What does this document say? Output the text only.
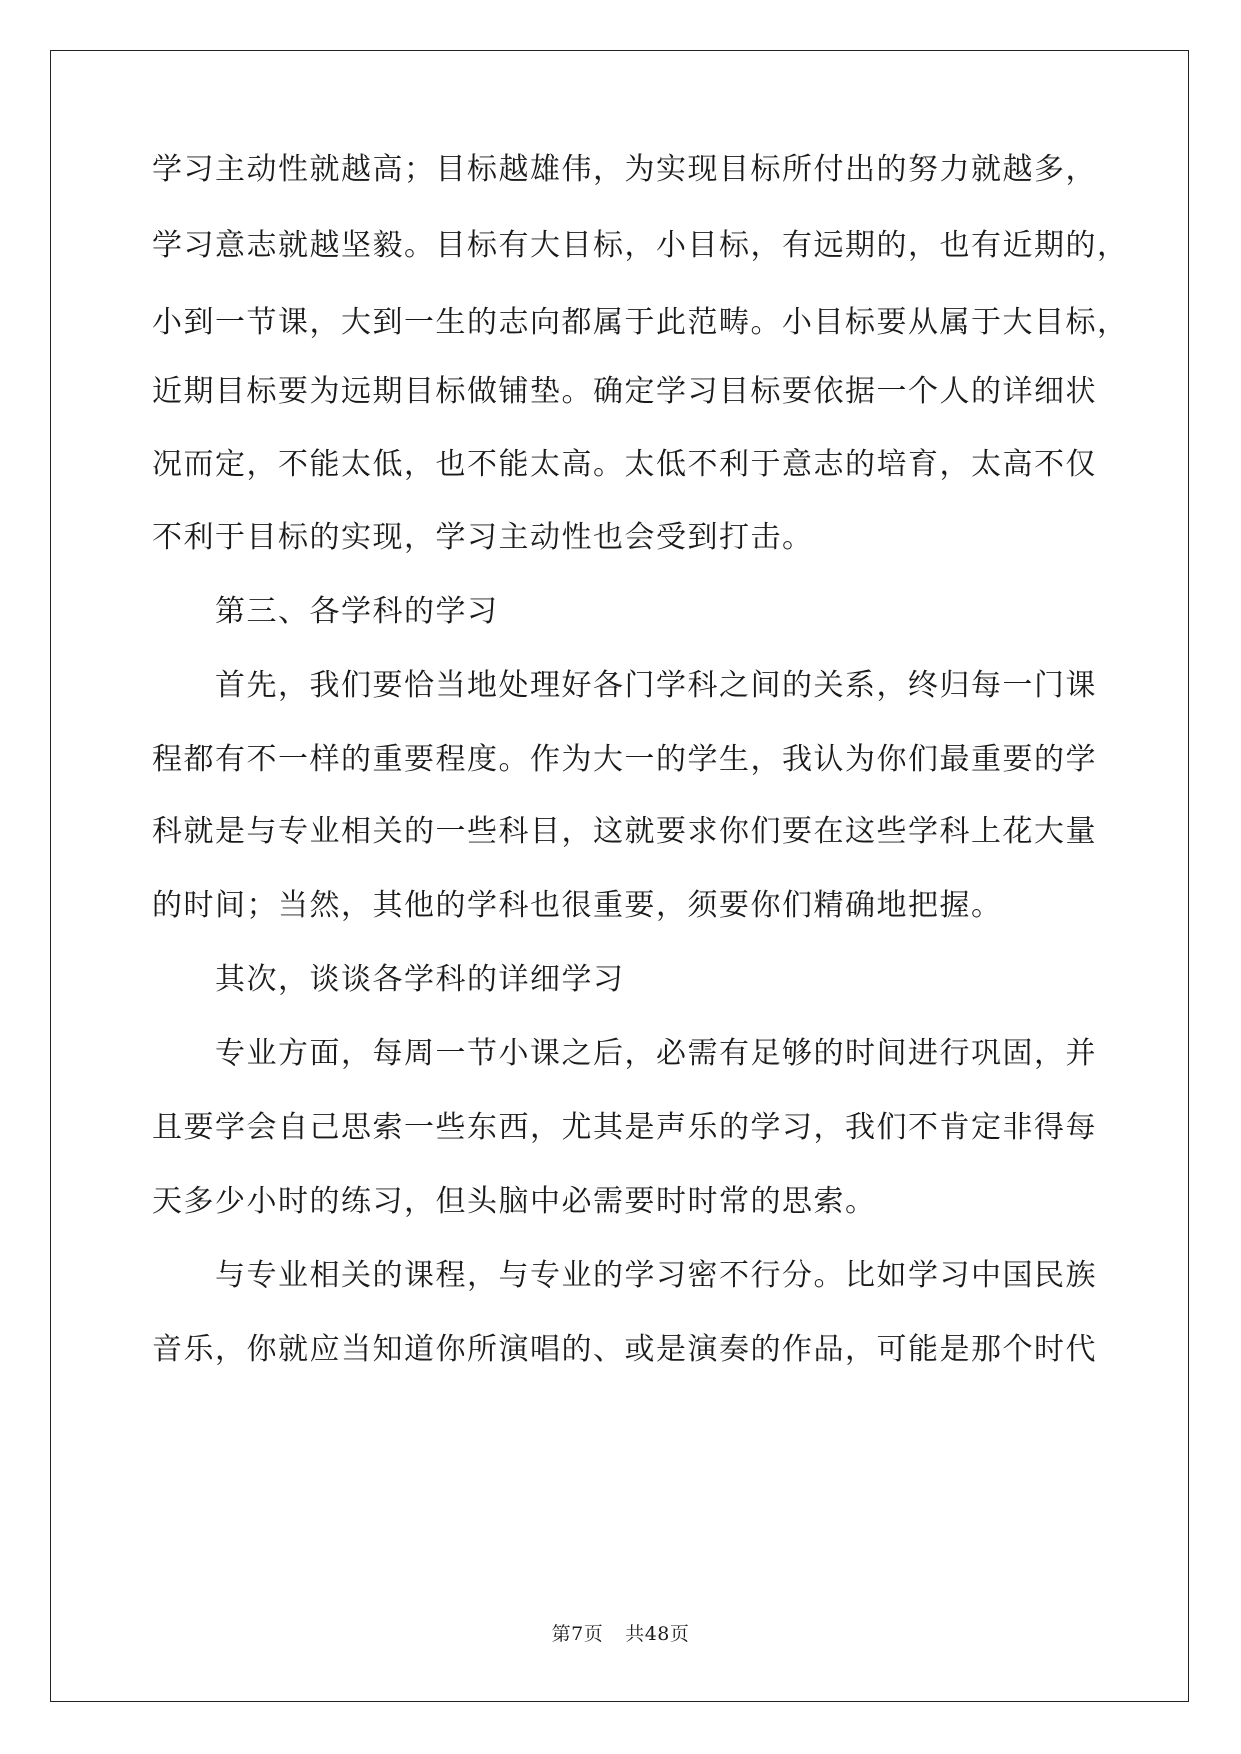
学习主动性就越高；目标越雄伟，为实现目标所付出的努力就越多，
学习意志就越坚毅。目标有大目标，小目标，有远期的，也有近期的，
小到一节课，大到一生的志向都属于此范畴。小目标要从属于大目标，
近期目标要为远期目标做铺垫。确定学习目标要依据一个人的详细状
况而定，不能太低，也不能太高。太低不利于意志的培育，太高不仅
不利于目标的实现，学习主动性也会受到打击。
第三、各学科的学习
首先，我们要恰当地处理好各门学科之间的关系，终归每一门课
程都有不一样的重要程度。作为大一的学生，我认为你们最重要的学
科就是与专业相关的一些科目，这就要求你们要在这些学科上花大量
的时间；当然，其他的学科也很重要，须要你们精确地把握。
其次，谈谈各学科的详细学习
专业方面，每周一节小课之后，必需有足够的时间进行巩固，并
且要学会自己思索一些东西，尤其是声乐的学习，我们不肯定非得每
天多少小时的练习，但头脑中必需要时时常的思索。
与专业相关的课程，与专业的学习密不行分。比如学习中国民族
音乐，你就应当知道你所演唱的、或是演奏的作品，可能是那个时代
第7页 共48页
